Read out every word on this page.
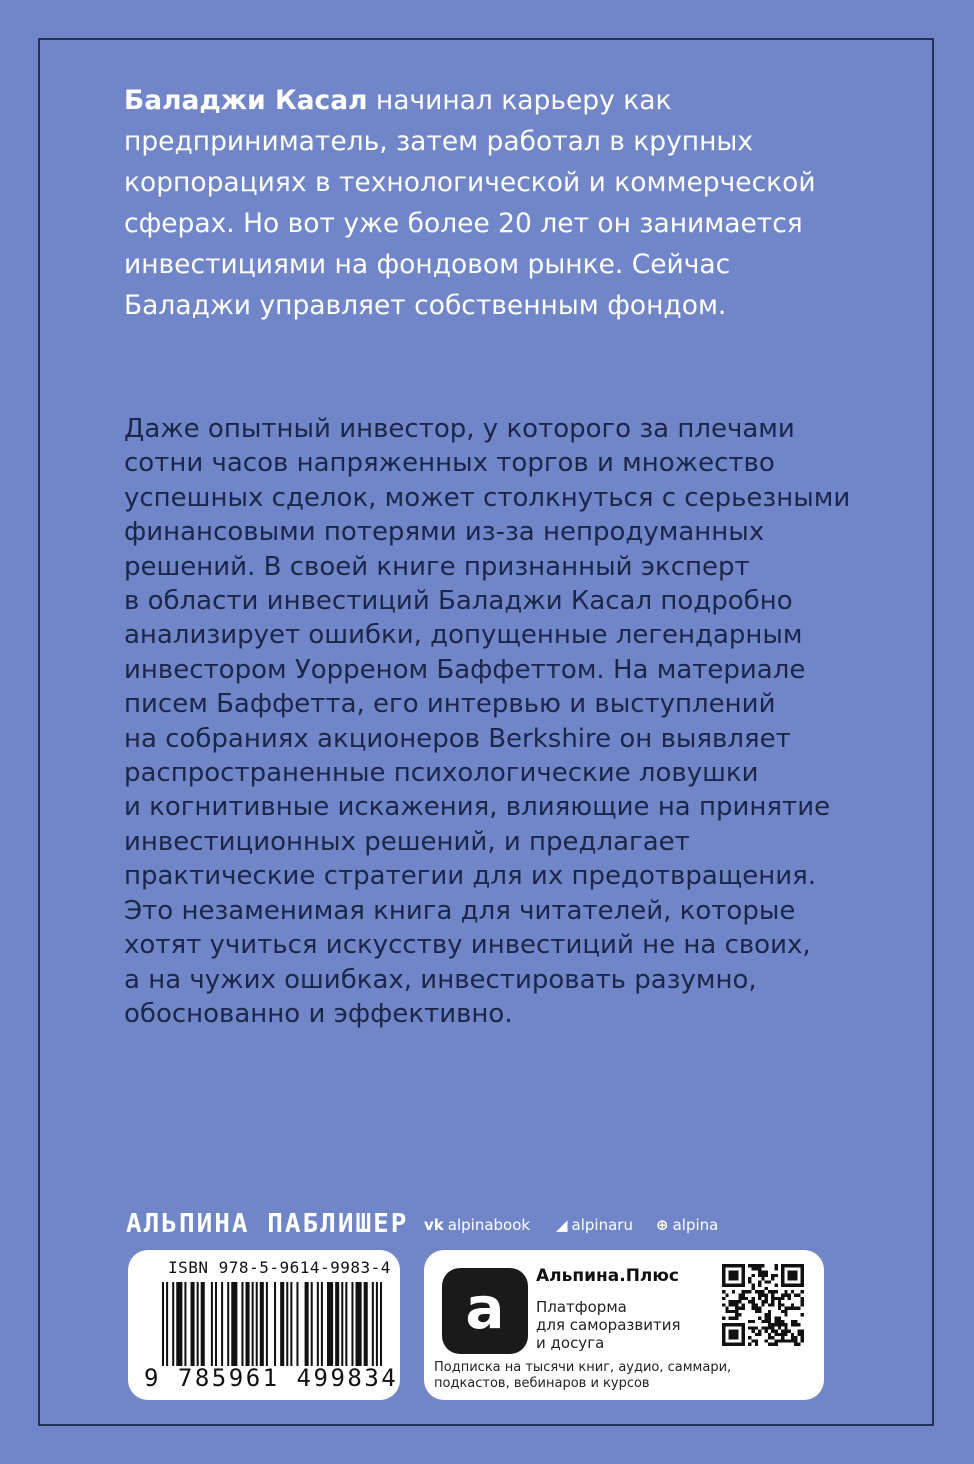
Баладжи Касал начинал карьеру как
предприниматель, затем работал в крупных
корпорациях в технологической и коммерческой
сферах. Но вот уже более 20 лет он занимается
инвестициями на фондовом рынке. Сейчас
Баладжи управляет собственным фондом.

Даже опытный инвестор, у которого за плечами
сотни часов напряженных торгов и множество
успешных сделок, может столкнуться с серьезными
финансовыми потерями из-за непродуманных
решений. В своей книге признанный эксперт
в области инвестиций Баладжи Касал подробно
анализирует ошибки, допущенные легендарным
инвестором Уорреном Баффеттом. На материале
писем Баффетта, его интервью и выступлений
на собраниях акционеров Berkshire он выявляет
распространенные психологические ловушки
и когнитивные искажения, влияющие на принятие
инвестиционных решений, и предлагает
практические стратегии для их предотвращения.
Это незаменимая книга для читателей, которые
хотят учиться искусству инвестиций не на своих,
а на чужих ошибках, инвестировать разумно,
обоснованно и эффективно.

АЛЬПИНА ПАБЛИШЕР vk alpinabook ◢ alpinaru ⊕ alpina
ISBN 978-5-9614-9983-4
9 785961 499834
a	Альпина.Плюс
Платформа
для саморазвития
и досуга
Подписка на тысячи книг, аудио, саммари,
подкастов, вебинаров и курсов
